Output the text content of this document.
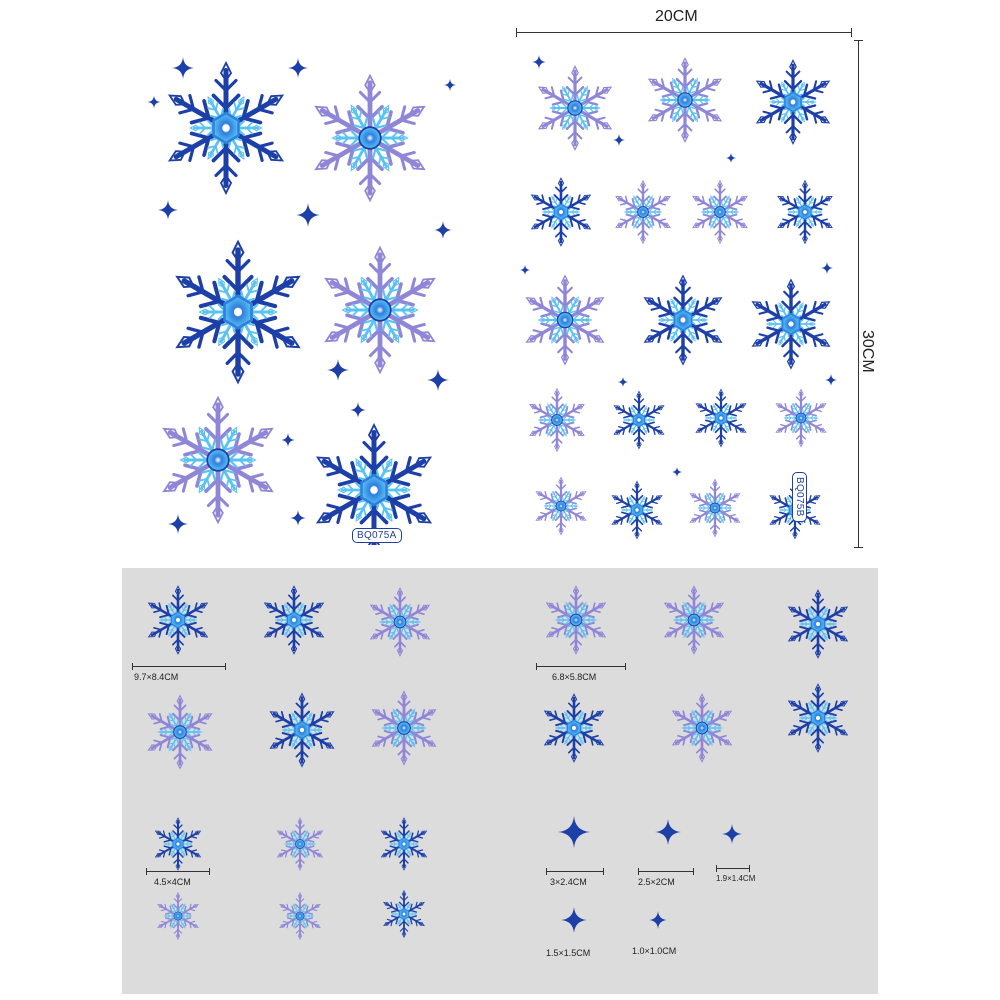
20CM
30CM
BQ075A
BQ075B
9.7×8.4CM	6.8×5.8CM
4.5×4CM	3×2.4CM	2.5×2CM	1.9×1.4CM
1.5×1.5CM	1.0×1.0CM
